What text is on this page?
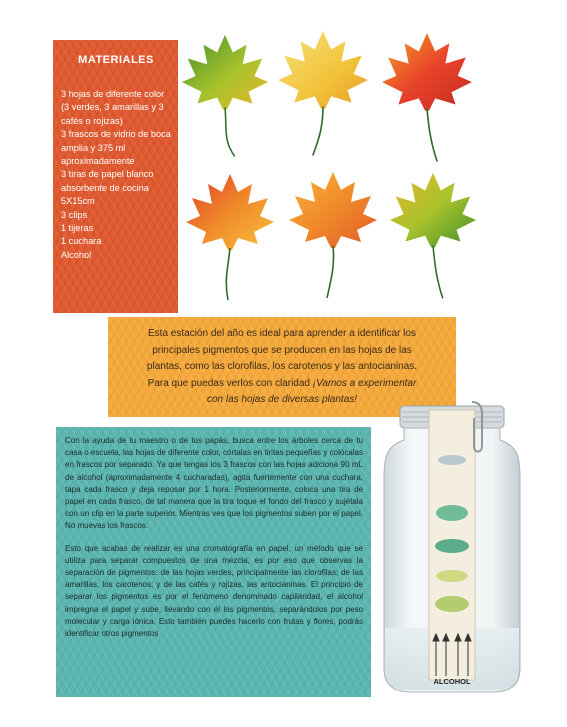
MATERIALES
3 hojas de diferente color
(3 verdes, 3 amarillas y 3
cafés o rojizas)
3 frascos de vidrio de boca
amplia y 375 ml
aproximadamente
3 tiras de papel blanco
absorbente de cocina
5X15cm
3 clips
1 tijeras
1 cuchara
Alcohol
Esta estación del año es ideal para aprender a identificar los
principales pigmentos que se producen en las hojas de las
plantas, como las clorofilas, los carotenos y las antocianinas.
Para que puedas verlos con claridad ¡Vamos a experimentar
con las hojas de diversas plantas!

Con la ayuda de tu maestro o de tus papás, busca entre los árboles cerca de tu casa o escuela, las hojas de diferente color, córtalas en tiritas pequeñas y colócalas en frascos por separado. Ya que tengas los 3 frascos con las hojas adiciona 90 mL de alcohol (aproximadamente 4 cucharadas), agita fuertemente con una cuchara, tapa cada frasco y deja reposar por 1 hora. Posteriormente, coloca una tira de papel en cada frasco, de tal manera que la tira toque el fondo del frasco y sujétala con un clip en la parte superior. Mientras ves que los pigmentos suben por el papel. No muevas los frascos.

Esto que acabas de realizar es una cromatografía en papel, un método que se utiliza para separar compuestos de una mezcla, es por eso que observas la separación de pigmentos: de las hojas verdes, principalmente las clorofilas; de las amarillas, los carotenos; y de las cafés y rojizas, las antocianinas. El principio de separar los pigmentos es por el fenómeno denominado capilaridad, el alcohol impregna el papel y sube, llevando con él los pigmentos, separándolos por peso molecular y carga iónica. Esto también puedes hacerlo con frutas y flores, podrás identificar otros pigmentos

ALCOHOL
